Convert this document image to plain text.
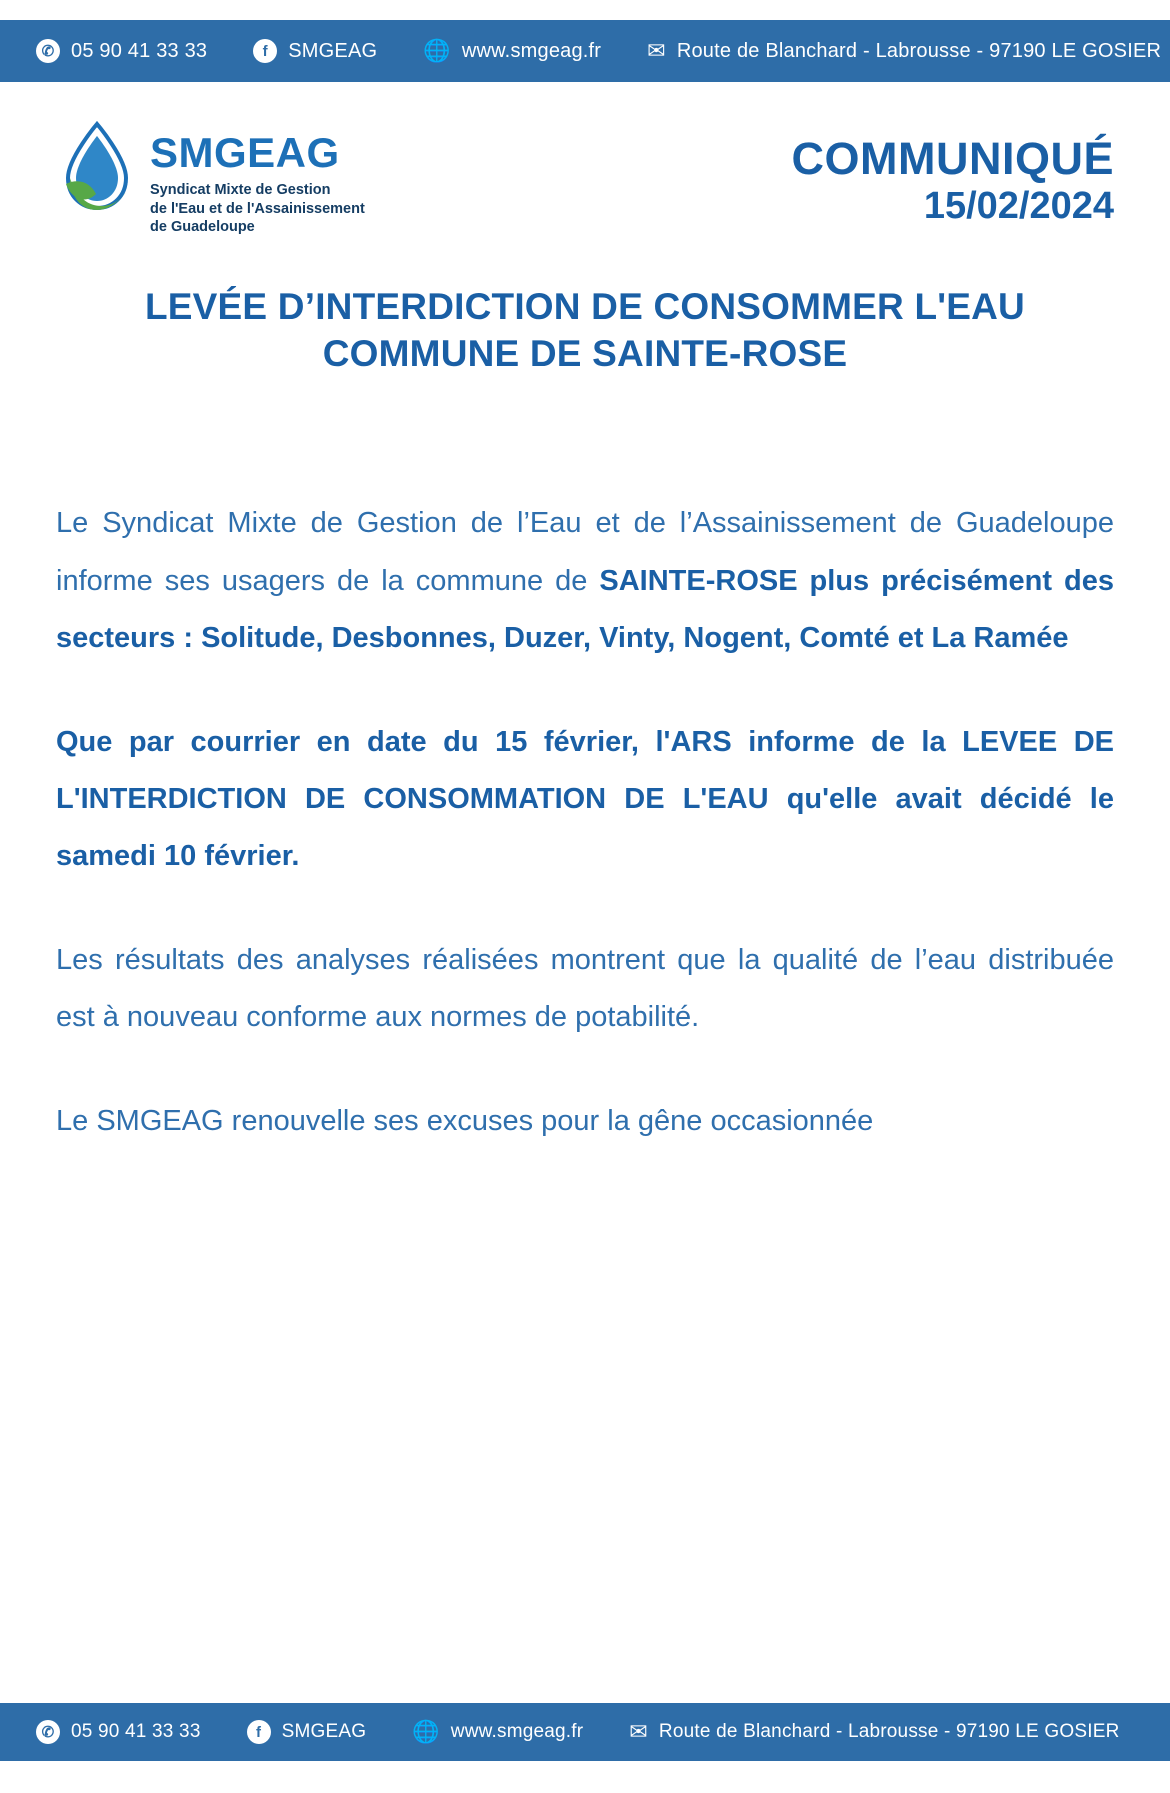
✆ 05 90 41 33 33	f	SMGEAG 🌐 www.smgeag.fr ✉ Route de Blanchard - Labrousse - 97190 LE GOSIER
SMGEAG
Syndicat Mixte de Gestion
de l'Eau et de l'Assainissement
de Guadeloupe
COMMUNIQUÉ
15/02/2024
LEVÉE D’INTERDICTION DE CONSOMMER L'EAU COMMUNE DE SAINTE-ROSE

Le Syndicat Mixte de Gestion de l’Eau et de l’Assainissement de Guadeloupe informe ses usagers de la commune de SAINTE-ROSE plus précisément des secteurs : Solitude, Desbonnes, Duzer, Vinty, Nogent, Comté et La Ramée

Que par courrier en date du 15 février, l'ARS informe de la LEVEE DE L'INTERDICTION DE CONSOMMATION DE L'EAU qu'elle avait décidé le samedi 10 février.

Les résultats des analyses réalisées montrent que la qualité de l’eau distribuée est à nouveau conforme aux normes de potabilité.

Le SMGEAG renouvelle ses excuses pour la gêne occasionnée

✆ 05 90 41 33 33	f	SMGEAG 🌐 www.smgeag.fr ✉ Route de Blanchard - Labrousse - 97190 LE GOSIER
